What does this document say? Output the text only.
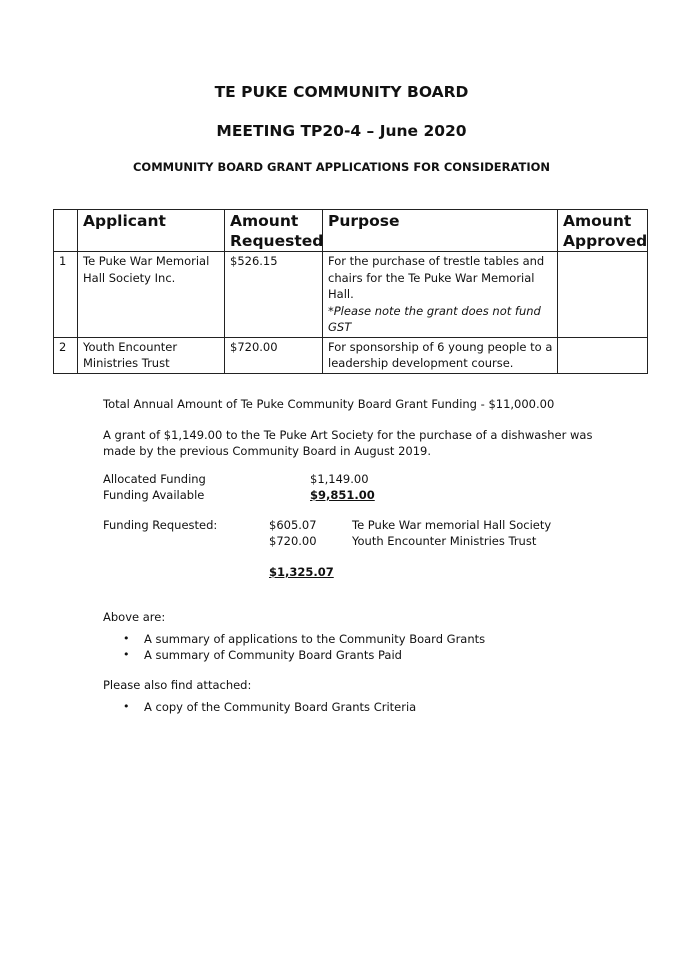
TE PUKE COMMUNITY BOARD

MEETING TP20-4 – June 2020

COMMUNITY BOARD GRANT APPLICATIONS FOR CONSIDERATION

	Applicant	Amount Requested	Purpose	Amount Approved
1	Te Puke War Memorial Hall Society Inc.	$526.15	For the purchase of trestle tables and chairs for the Te Puke War Memorial Hall.
*Please note the grant does not fund GST	

2	Youth Encounter Ministries Trust	$720.00	For sponsorship of 6 young people to a leadership development course.	

Total Annual Amount of Te Puke Community Board Grant Funding - $11,000.00

A grant of $1,149.00 to the Te Puke Art Society for the purchase of a dishwasher was made by the previous Community Board in August 2019.

Allocated Funding	$1,149.00
Funding Available	$9,851.00
Funding Requested:	$605.07	Te Puke War memorial Hall Society
$720.00	Youth Encounter Ministries Trust
$1,325.07

Above are:

• A summary of applications to the Community Board Grants
• A summary of Community Board Grants Paid

Please also find attached:

• A copy of the Community Board Grants Criteria
